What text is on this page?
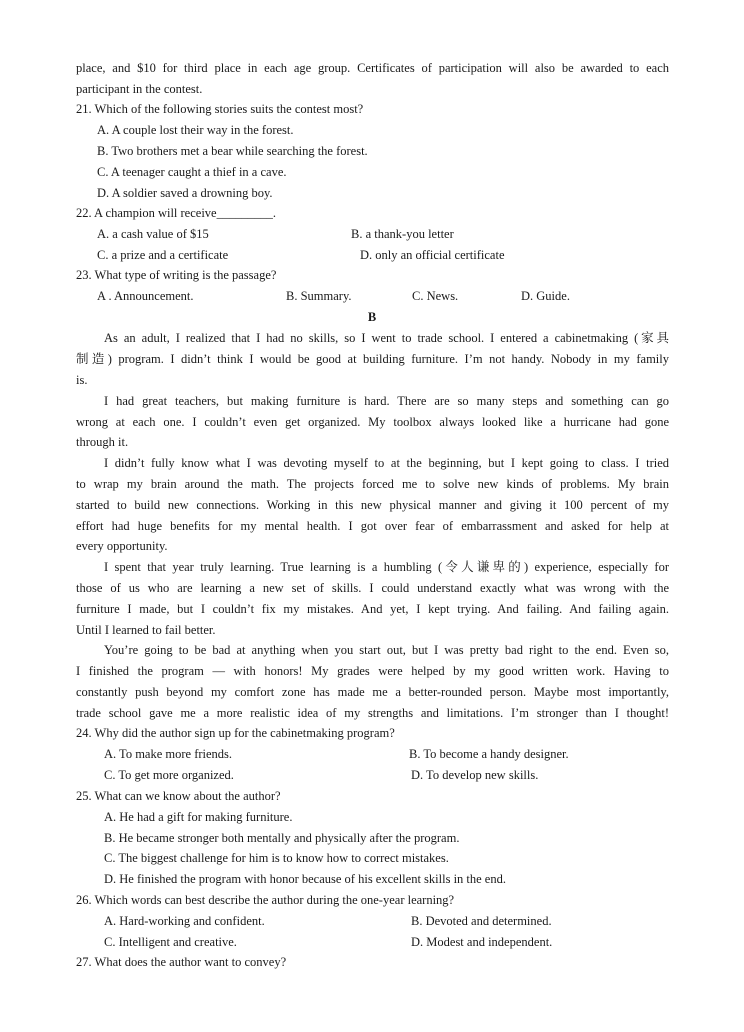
place, and $10 for third place in each age group. Certificates of participation will also be awarded to each
participant in the contest.
21. Which of the following stories suits the contest most?
A. A couple lost their way in the forest.
B. Two brothers met a bear while searching the forest.
C. A teenager caught a thief in a cave.
D. A soldier saved a drowning boy.
22. A champion will receive_________.
A. a cash value of $15	B. a thank-you letter
C. a prize and a certificate	D. only an official certificate
23. What type of writing is the passage?
A . Announcement.	B. Summary.	C. News.	D. Guide.
B
As an adult, I realized that I had no skills, so I went to trade school. I entered a cabinetmaking (家具
制造) program. I didn’t think I would be good at building furniture. I’m not handy. Nobody in my family
is.
I had great teachers, but making furniture is hard. There are so many steps and something can go
wrong at each one. I couldn’t even get organized. My toolbox always looked like a hurricane had gone
through it.
I didn’t fully know what I was devoting myself to at the beginning, but I kept going to class. I tried
to wrap my brain around the math. The projects forced me to solve new kinds of problems. My brain
started to build new connections. Working in this new physical manner and giving it 100 percent of my
effort had huge benefits for my mental health. I got over fear of embarrassment and asked for help at
every opportunity.
I spent that year truly learning. True learning is a humbling (令人谦卑的) experience, especially for
those of us who are learning a new set of skills. I could understand exactly what was wrong with the
furniture I made, but I couldn’t fix my mistakes. And yet, I kept trying. And failing. And failing again.
Until I learned to fail better.
You’re going to be bad at anything when you start out, but I was pretty bad right to the end. Even so,
I finished the program — with honors! My grades were helped by my good written work. Having to
constantly push beyond my comfort zone has made me a better-rounded person. Maybe most importantly,
trade school gave me a more realistic idea of my strengths and limitations. I’m stronger than I thought!
24. Why did the author sign up for the cabinetmaking program?
A. To make more friends.	B. To become a handy designer.
C. To get more organized.	D. To develop new skills.
25. What can we know about the author?
A. He had a gift for making furniture.
B. He became stronger both mentally and physically after the program.
C. The biggest challenge for him is to know how to correct mistakes.
D. He finished the program with honor because of his excellent skills in the end.
26. Which words can best describe the author during the one-year learning?
A. Hard-working and confident.	B. Devoted and determined.
C. Intelligent and creative.	D. Modest and independent.
27. What does the author want to convey?
